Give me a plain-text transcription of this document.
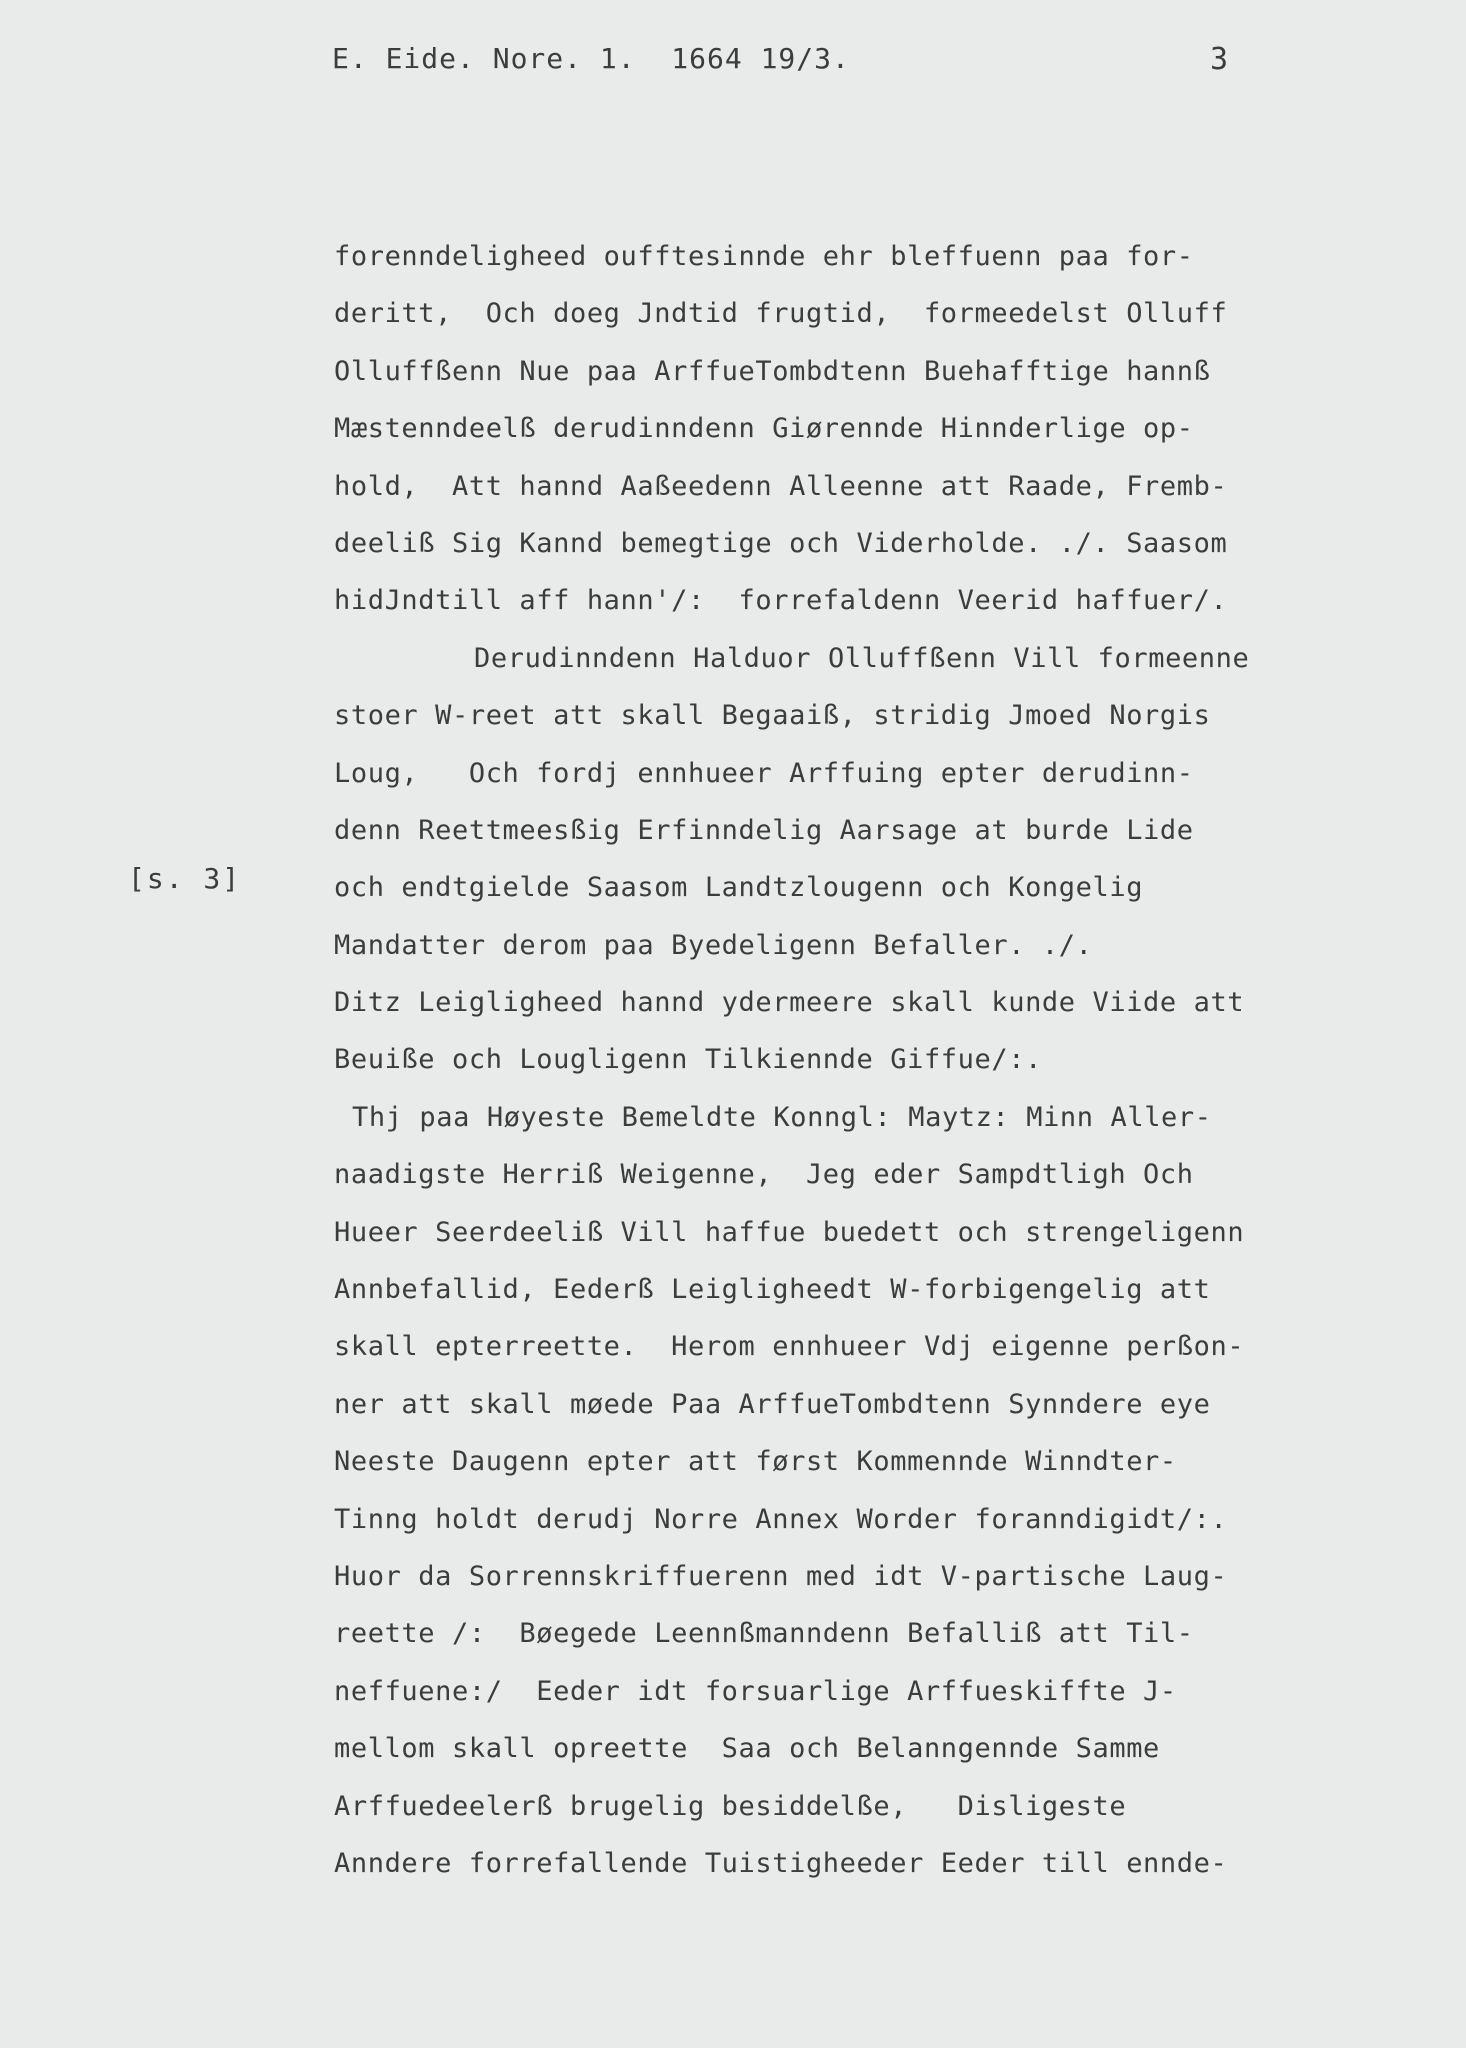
E. Eide. Nore. 1.  1664 19/3.	3
[s. 3]
forenndeligheed oufftesinnde ehr bleffuenn paa for-
deritt,  Och doeg Jndtid frugtid,  formeedelst Olluff
Olluffßenn Nue paa ArffueTombdtenn Buehafftige hannß
Mæstenndeelß derudinndenn Giørennde Hinnderlige op-
hold,  Att hannd Aaßeedenn Alleenne att Raade, Fremb-
deeliß Sig Kannd bemegtige och Viderholde. ./. Saasom
hidJndtill aff hann'/:  forrefaldenn Veerid haffuer/.
Derudinndenn Halduor Olluffßenn Vill formeenne
stoer W-reet att skall Begaaiß, stridig Jmoed Norgis
Loug,   Och fordj ennhueer Arffuing epter derudinn-
denn Reettmeesßig Erfinndelig Aarsage at burde Lide
och endtgielde Saasom Landtzlougenn och Kongelig
Mandatter derom paa Byedeligenn Befaller. ./.
Ditz Leigligheed hannd ydermeere skall kunde Viide att
Beuiße och Lougligenn Tilkiennde Giffue/:.
Thj paa Høyeste Bemeldte Konngl: Maytz: Minn Aller-
naadigste Herriß Weigenne,  Jeg eder Sampdtligh Och
Hueer Seerdeeliß Vill haffue buedett och strengeligenn
Annbefallid, Eederß Leigligheedt W-forbigengelig att
skall epterreette.  Herom ennhueer Vdj eigenne perßon-
ner att skall møede Paa ArffueTombdtenn Synndere eye
Neeste Daugenn epter att først Kommennde Winndter-
Tinng holdt derudj Norre Annex Worder foranndigidt/:.
Huor da Sorrennskriffuerenn med idt V-partische Laug-
reette /:  Bøegede Leennßmanndenn Befalliß att Til-
neffuene:/  Eeder idt forsuarlige Arffueskiffte J-
mellom skall opreette  Saa och Belanngennde Samme
Arffuedeelerß brugelig besiddelße,   Disligeste
Anndere forrefallende Tuistigheeder Eeder till ennde-
